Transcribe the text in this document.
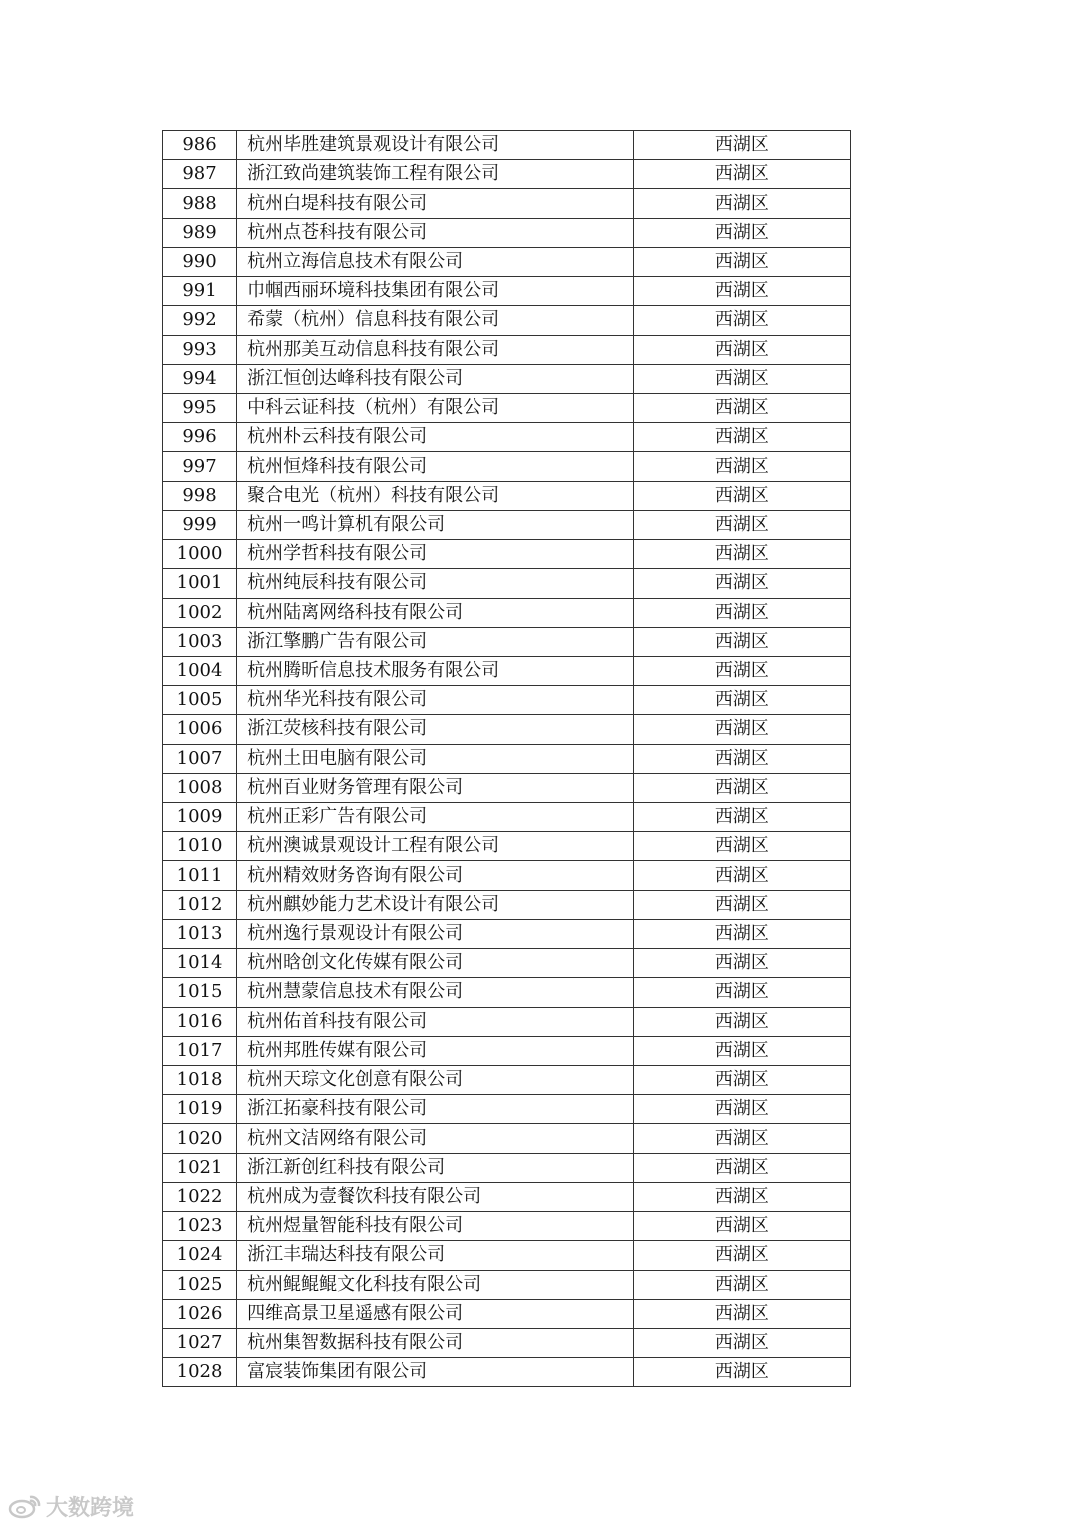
986	杭州毕胜建筑景观设计有限公司	西湖区
987	浙江致尚建筑装饰工程有限公司	西湖区
988	杭州白堤科技有限公司	西湖区
989	杭州点苍科技有限公司	西湖区
990	杭州立海信息技术有限公司	西湖区
991	巾帼西丽环境科技集团有限公司	西湖区
992	希蒙（杭州）信息科技有限公司	西湖区
993	杭州那美互动信息科技有限公司	西湖区
994	浙江恒创达峰科技有限公司	西湖区
995	中科云证科技（杭州）有限公司	西湖区
996	杭州朴云科技有限公司	西湖区
997	杭州恒烽科技有限公司	西湖区
998	聚合电光（杭州）科技有限公司	西湖区
999	杭州一鸣计算机有限公司	西湖区
1000	杭州学哲科技有限公司	西湖区
1001	杭州纯辰科技有限公司	西湖区
1002	杭州陆离网络科技有限公司	西湖区
1003	浙江擎鹏广告有限公司	西湖区
1004	杭州腾昕信息技术服务有限公司	西湖区
1005	杭州华光科技有限公司	西湖区
1006	浙江荧核科技有限公司	西湖区
1007	杭州土田电脑有限公司	西湖区
1008	杭州百业财务管理有限公司	西湖区
1009	杭州正彩广告有限公司	西湖区
1010	杭州澳诚景观设计工程有限公司	西湖区
1011	杭州精效财务咨询有限公司	西湖区
1012	杭州麒妙能力艺术设计有限公司	西湖区
1013	杭州逸行景观设计有限公司	西湖区
1014	杭州晗创文化传媒有限公司	西湖区
1015	杭州慧蒙信息技术有限公司	西湖区
1016	杭州佑首科技有限公司	西湖区
1017	杭州邦胜传媒有限公司	西湖区
1018	杭州天琮文化创意有限公司	西湖区
1019	浙江拓豪科技有限公司	西湖区
1020	杭州文洁网络有限公司	西湖区
1021	浙江新创红科技有限公司	西湖区
1022	杭州成为壹餐饮科技有限公司	西湖区
1023	杭州煜量智能科技有限公司	西湖区
1024	浙江丰瑞达科技有限公司	西湖区
1025	杭州鲲鲲鲲文化科技有限公司	西湖区
1026	四维高景卫星遥感有限公司	西湖区
1027	杭州集智数据科技有限公司	西湖区
1028	富宸装饰集团有限公司	西湖区
大数跨境
